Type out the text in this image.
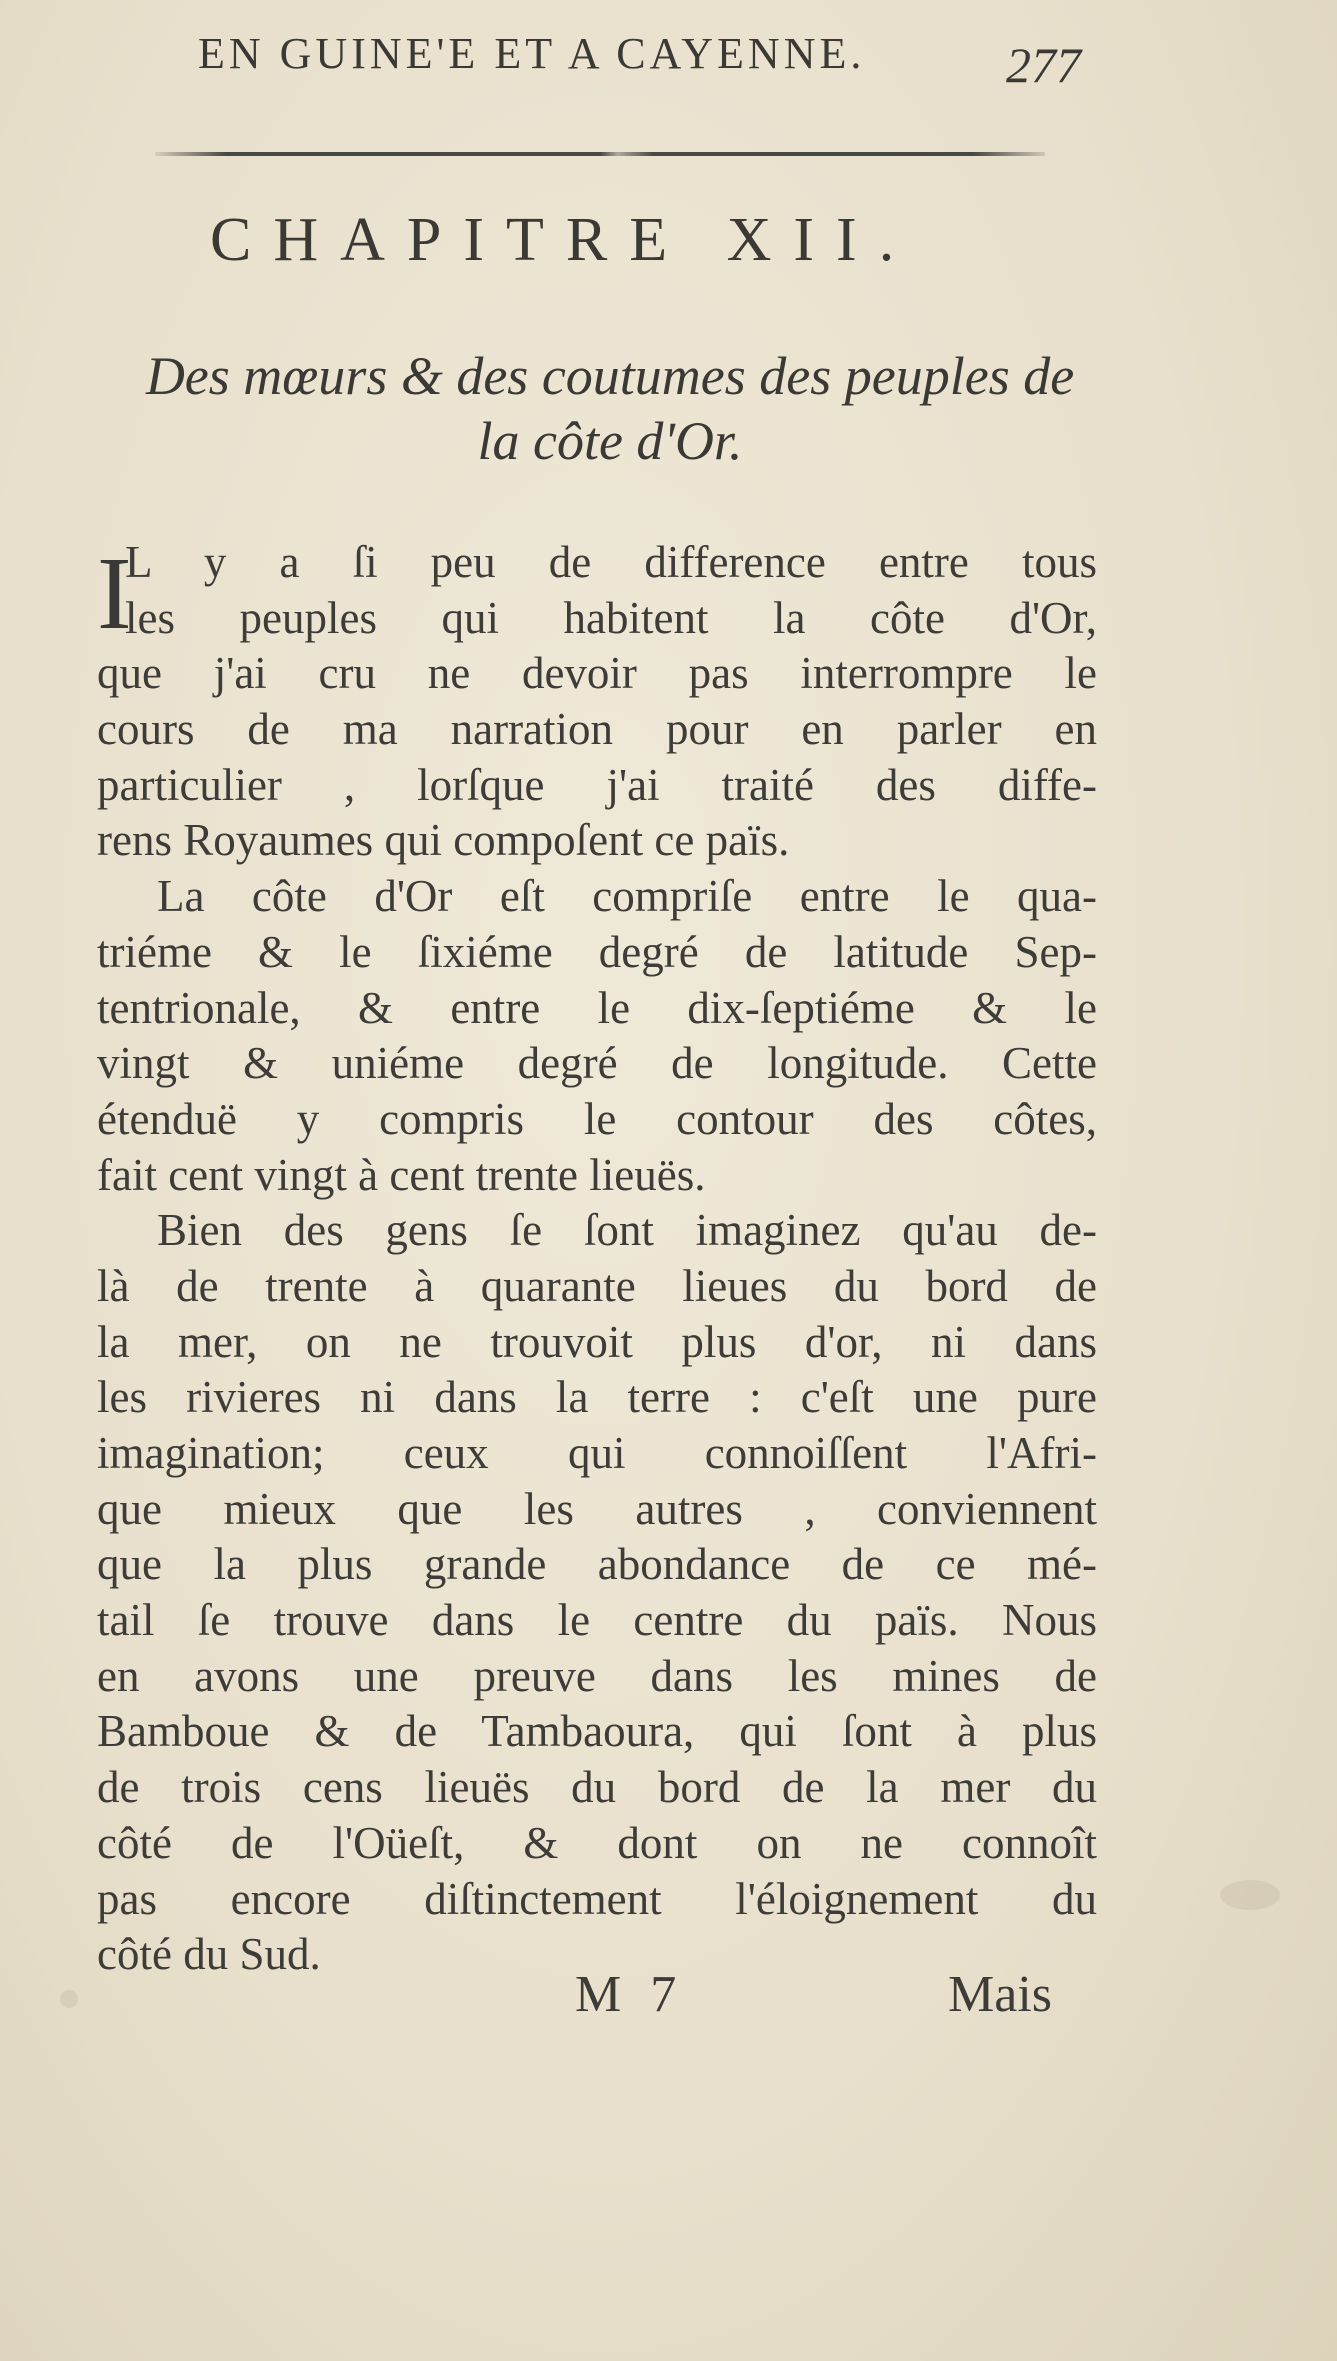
EN GUINE'E ET A CAYENNE.	277
CHAPITRE XII.
Des mœurs & des coutumes des peuples de
la côte d'Or.
I
L y a ſi peu de difference entre tous
les peuples qui habitent la côte d'Or,
que j'ai cru ne devoir pas interrompre le
cours de ma narration pour en parler en
particulier , lorſque j'ai traité des diffe-
rens Royaumes qui compoſent ce païs.
La côte d'Or eſt compriſe entre le qua-
triéme & le ſixiéme degré de latitude Sep-
tentrionale, & entre le dix-ſeptiéme & le
vingt & uniéme degré de longitude. Cette
étenduë y compris le contour des côtes,
fait cent vingt à cent trente lieuës.
Bien des gens ſe ſont imaginez qu'au de-
là de trente à quarante lieues du bord de
la mer, on ne trouvoit plus d'or, ni dans
les rivieres ni dans la terre : c'eſt une pure
imagination; ceux qui connoiſſent l'Afri-
que mieux que les autres , conviennent
que la plus grande abondance de ce mé-
tail ſe trouve dans le centre du païs. Nous
en avons une preuve dans les mines de
Bamboue & de Tambaoura, qui ſont à plus
de trois cens lieuës du bord de la mer du
côté de l'Oüeſt, & dont on ne connoît
pas encore diſtinctement l'éloignement du
côté du Sud.
M 7	Mais
